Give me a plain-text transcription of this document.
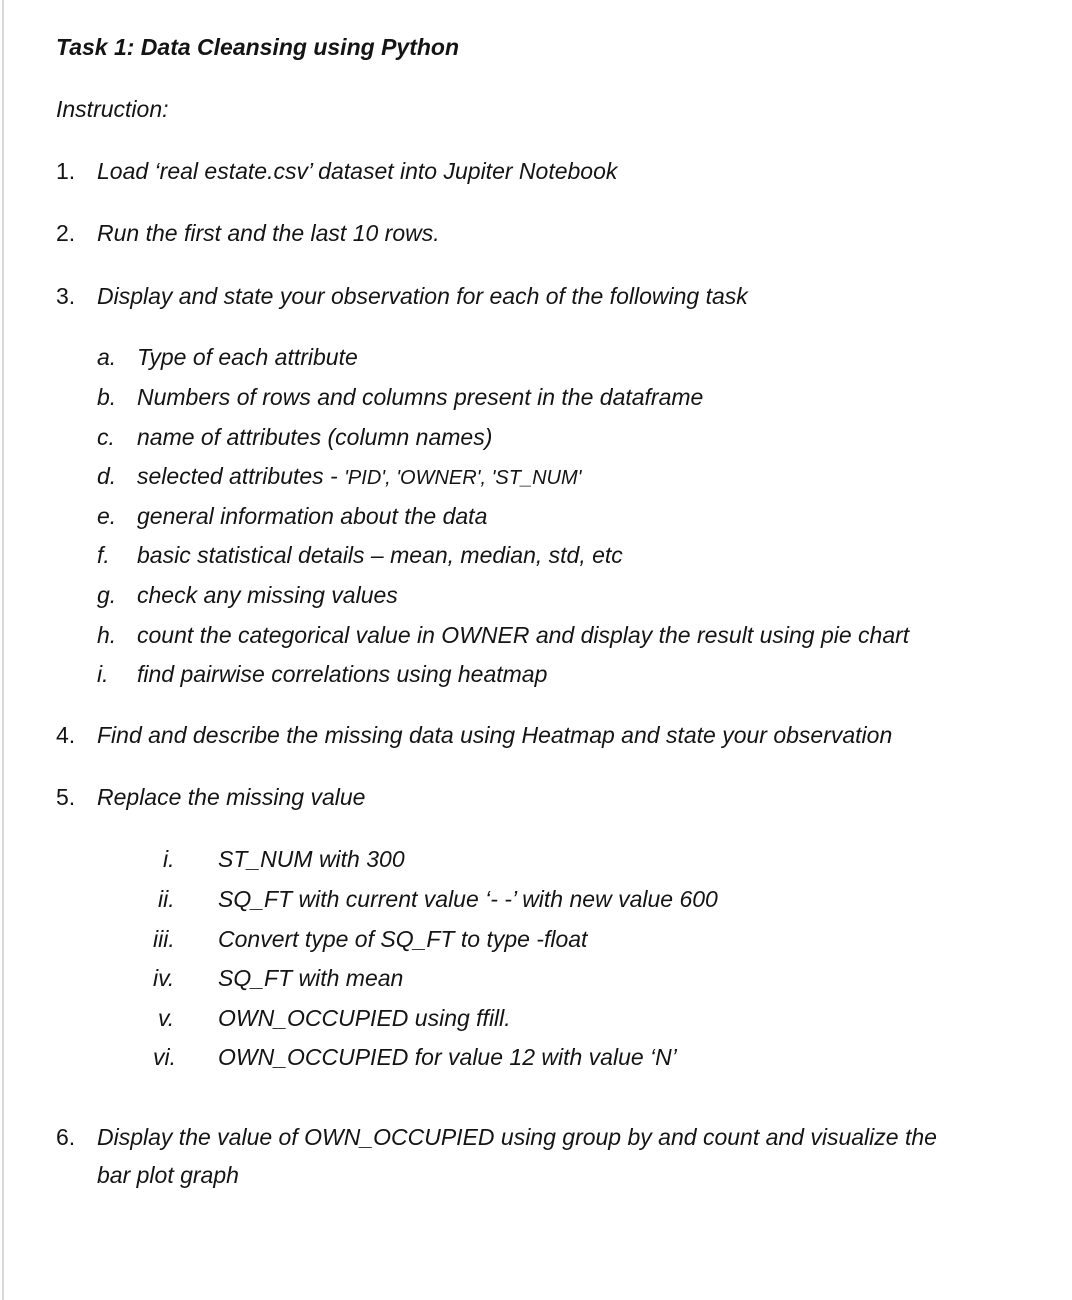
Task 1: Data Cleansing using Python
Instruction:
1. Load ‘real estate.csv’ dataset into Jupiter Notebook
2. Run the first and the last 10 rows.
3. Display and state your observation for each of the following task
a. Type of each attribute
b. Numbers of rows and columns present in the dataframe
c. name of attributes (column names)
d. selected attributes - 'PID', 'OWNER', 'ST_NUM'
e. general information about the data
f. basic statistical details – mean, median, std, etc
g. check any missing values
h. count the categorical value in OWNER and display the result using pie chart
i. find pairwise correlations using heatmap
4. Find and describe the missing data using Heatmap and state your observation
5. Replace the missing value
i. ST_NUM with 300
ii. SQ_FT with current value ‘- -’ with new value 600
iii. Convert type of SQ_FT to type -float
iv. SQ_FT with mean
v. OWN_OCCUPIED using ffill.
vi. OWN_OCCUPIED for value 12 with value ‘N’
6. Display the value of OWN_OCCUPIED using group by and count and visualize the
bar plot graph
